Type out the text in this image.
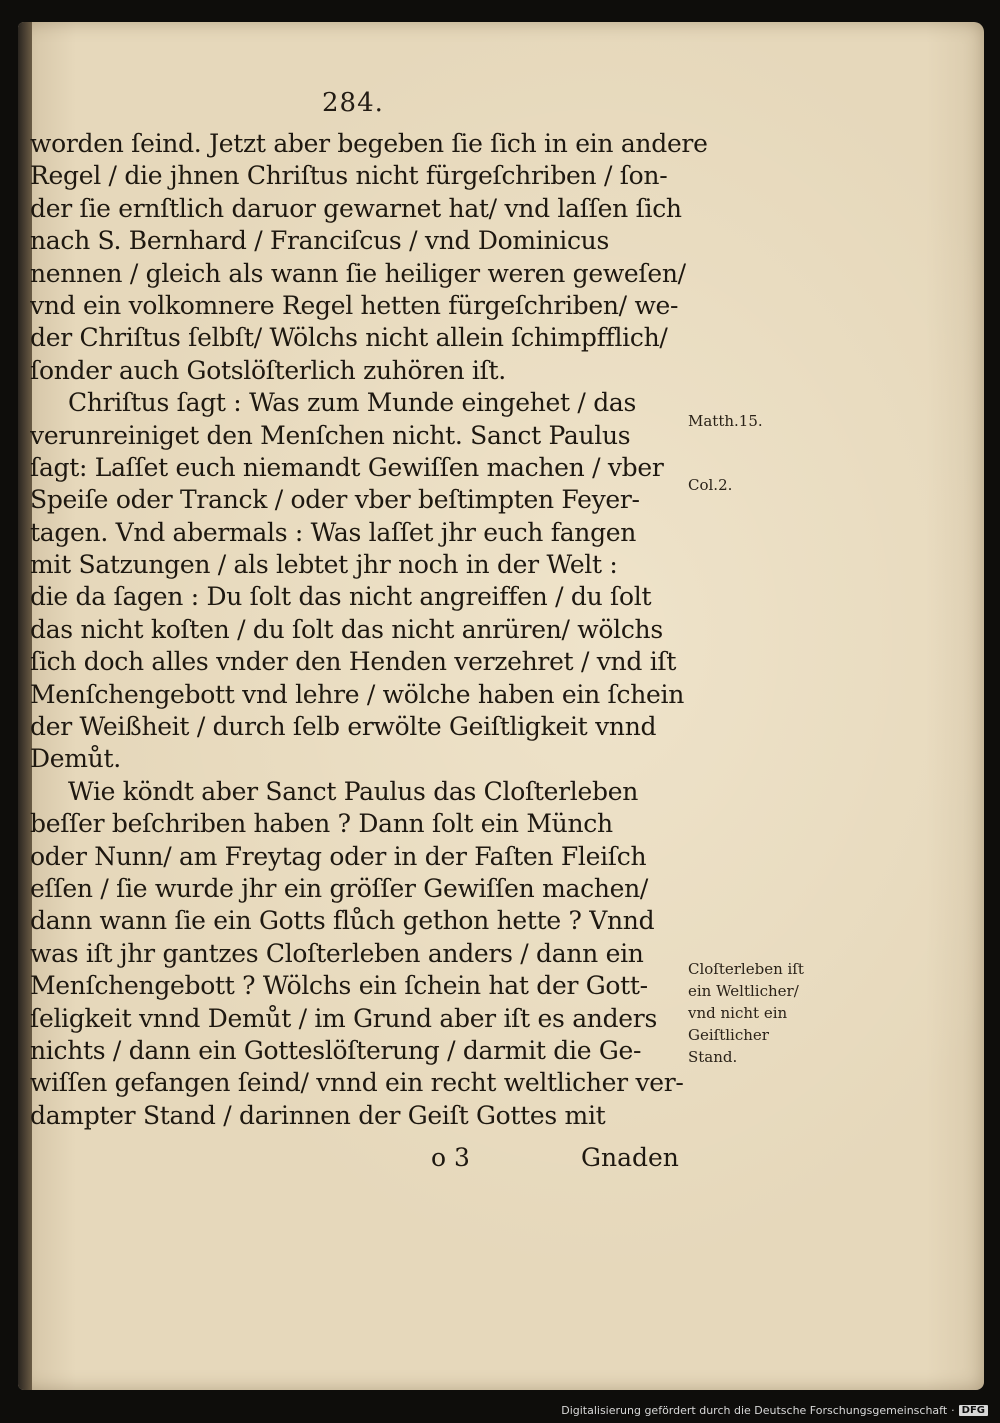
284.
worden ſeind. Jetzt aber begeben ſie ſich in ein andere
Regel / die jhnen Chriſtus nicht fürgeſchriben / ſon-
der ſie ernſtlich daruor gewarnet hat/ vnd laſſen ſich
nach S. Bernhard / Franciſcus / vnd Dominicus
nennen / gleich als wann ſie heiliger weren geweſen/
vnd ein volkomnere Regel hetten fürgeſchriben/ we-
der Chriſtus ſelbſt/ Wölchs nicht allein ſchimpfflich/
ſonder auch Gotslöſterlich zuhören iſt.
Chriſtus ſagt : Was zum Munde eingehet / das
verunreiniget den Menſchen nicht. Sanct Paulus
ſagt: Laſſet euch niemandt Gewiſſen machen / vber
Speiſe oder Tranck / oder vber beſtimpten Feyer-
tagen. Vnd abermals : Was laſſet jhr euch fangen
mit Satzungen / als lebtet jhr noch in der Welt :
die da ſagen : Du ſolt das nicht angreiffen / du ſolt
das nicht koſten / du ſolt das nicht anrüren/ wölchs
ſich doch alles vnder den Henden verzehret / vnd iſt
Menſchengebott vnd lehre / wölche haben ein ſchein
der Weißheit / durch ſelb erwölte Geiſtligkeit vnnd
Demůt.
Wie köndt aber Sanct Paulus das Cloſterleben
beſſer beſchriben haben ? Dann ſolt ein Münch
oder Nunn/ am Freytag oder in der Faſten Fleiſch
eſſen / ſie wurde jhr ein gröſſer Gewiſſen machen/
dann wann ſie ein Gotts flůch gethon hette ? Vnnd
was iſt jhr gantzes Cloſterleben anders / dann ein
Menſchengebott ? Wölchs ein ſchein hat der Gott-
ſeligkeit vnnd Demůt / im Grund aber iſt es anders
nichts / dann ein Gotteslöſterung / darmit die Ge-
wiſſen gefangen ſeind/ vnnd ein recht weltlicher ver-
dampter Stand / darinnen der Geiſt Gottes mit
Matth.15.
Col.2.
Cloſterleben iſt
ein Weltlicher/
vnd nicht ein
Geiſtlicher
Stand.
o 3	Gnaden
Digitalisierung gefördert durch die Deutsche Forschungsgemeinschaft · DFG
